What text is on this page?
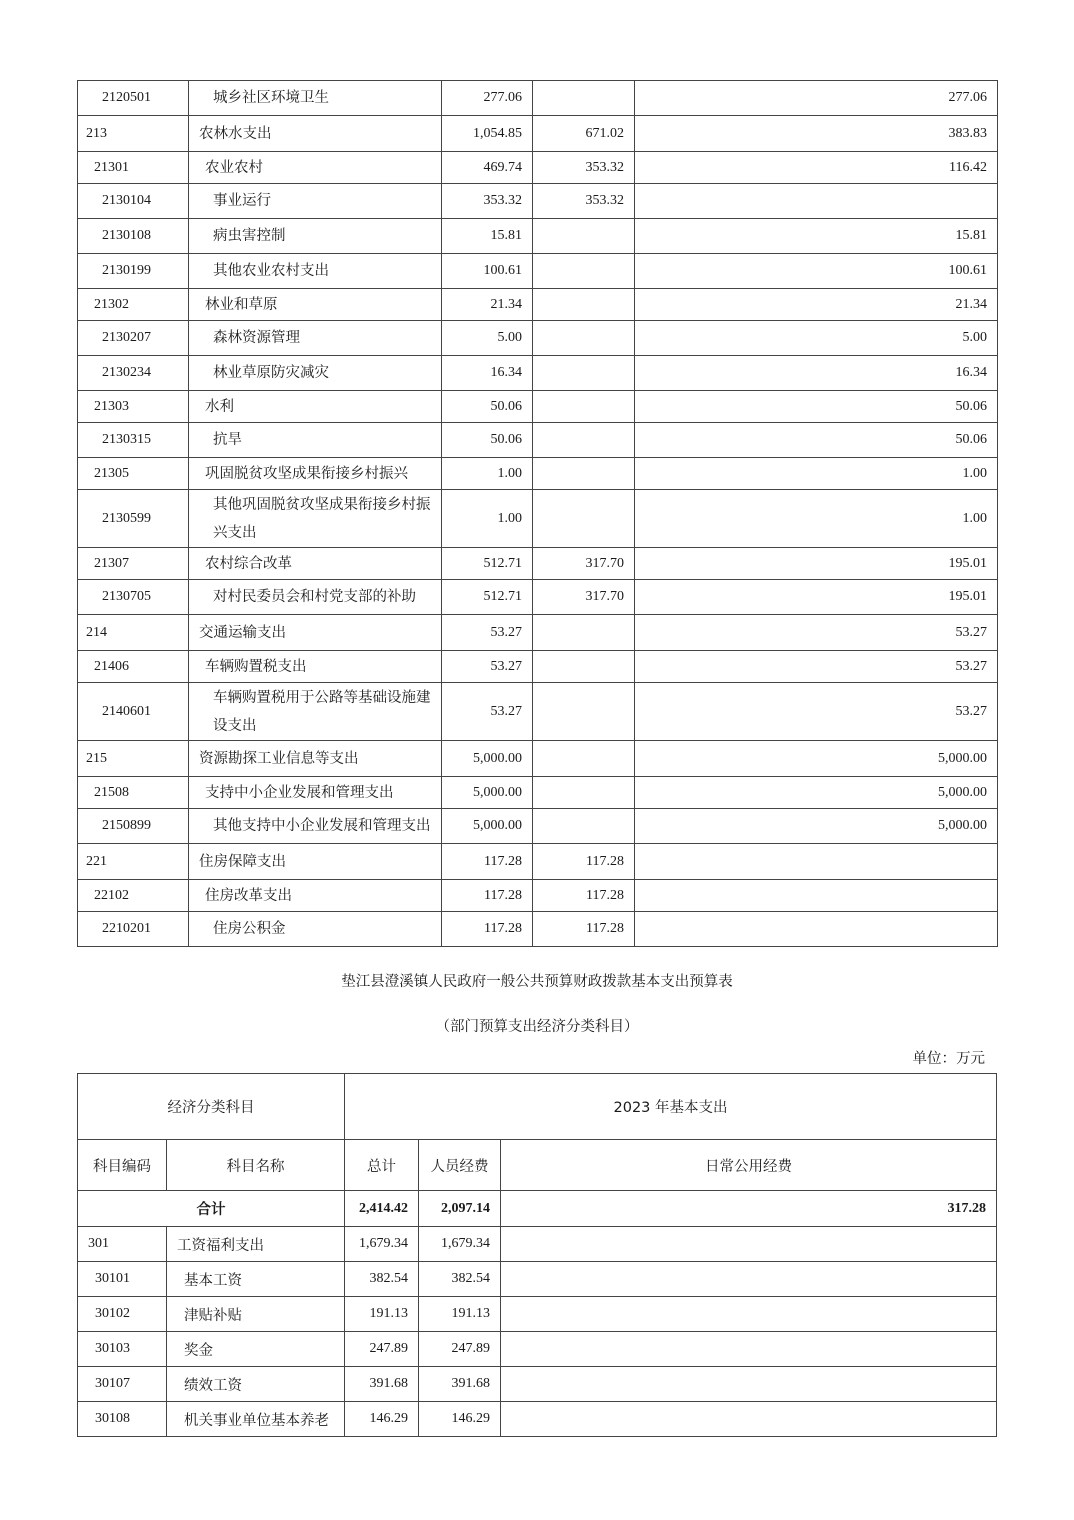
2120501	城乡社区环境卫生	277.06		277.06
213	农林水支出	1,054.85	671.02	383.83
21301	农业农村	469.74	353.32	116.42
2130104	事业运行	353.32	353.32	
2130108	病虫害控制	15.81		15.81
2130199	其他农业农村支出	100.61		100.61
21302	林业和草原	21.34		21.34
2130207	森林资源管理	5.00		5.00
2130234	林业草原防灾减灾	16.34		16.34
21303	水利	50.06		50.06
2130315	抗旱	50.06		50.06
21305	巩固脱贫攻坚成果衔接乡村振兴	1.00		1.00
2130599	其他巩固脱贫攻坚成果衔接乡村振兴支出	1.00		1.00
21307	农村综合改革	512.71	317.70	195.01
2130705	对村民委员会和村党支部的补助	512.71	317.70	195.01
214	交通运输支出	53.27		53.27
21406	车辆购置税支出	53.27		53.27
2140601	车辆购置税用于公路等基础设施建设支出	53.27		53.27
215	资源勘探工业信息等支出	5,000.00		5,000.00
21508	支持中小企业发展和管理支出	5,000.00		5,000.00
2150899	其他支持中小企业发展和管理支出	5,000.00		5,000.00
221	住房保障支出	117.28	117.28	
22102	住房改革支出	117.28	117.28	
2210201	住房公积金	117.28	117.28	
垫江县澄溪镇人民政府一般公共预算财政拨款基本支出预算表
（部门预算支出经济分类科目）
单位：万元
经济分类科目		2023 年基本支出		
科目编码	科目名称	总计	人员经费	日常公用经费
合计		2,414.42	2,097.14	317.28
301	工资福利支出	1,679.34	1,679.34	
30101	基本工资	382.54	382.54	
30102	津贴补贴	191.13	191.13	
30103	奖金	247.89	247.89	
30107	绩效工资	391.68	391.68	
30108	机关事业单位基本养老	146.29	146.29	
